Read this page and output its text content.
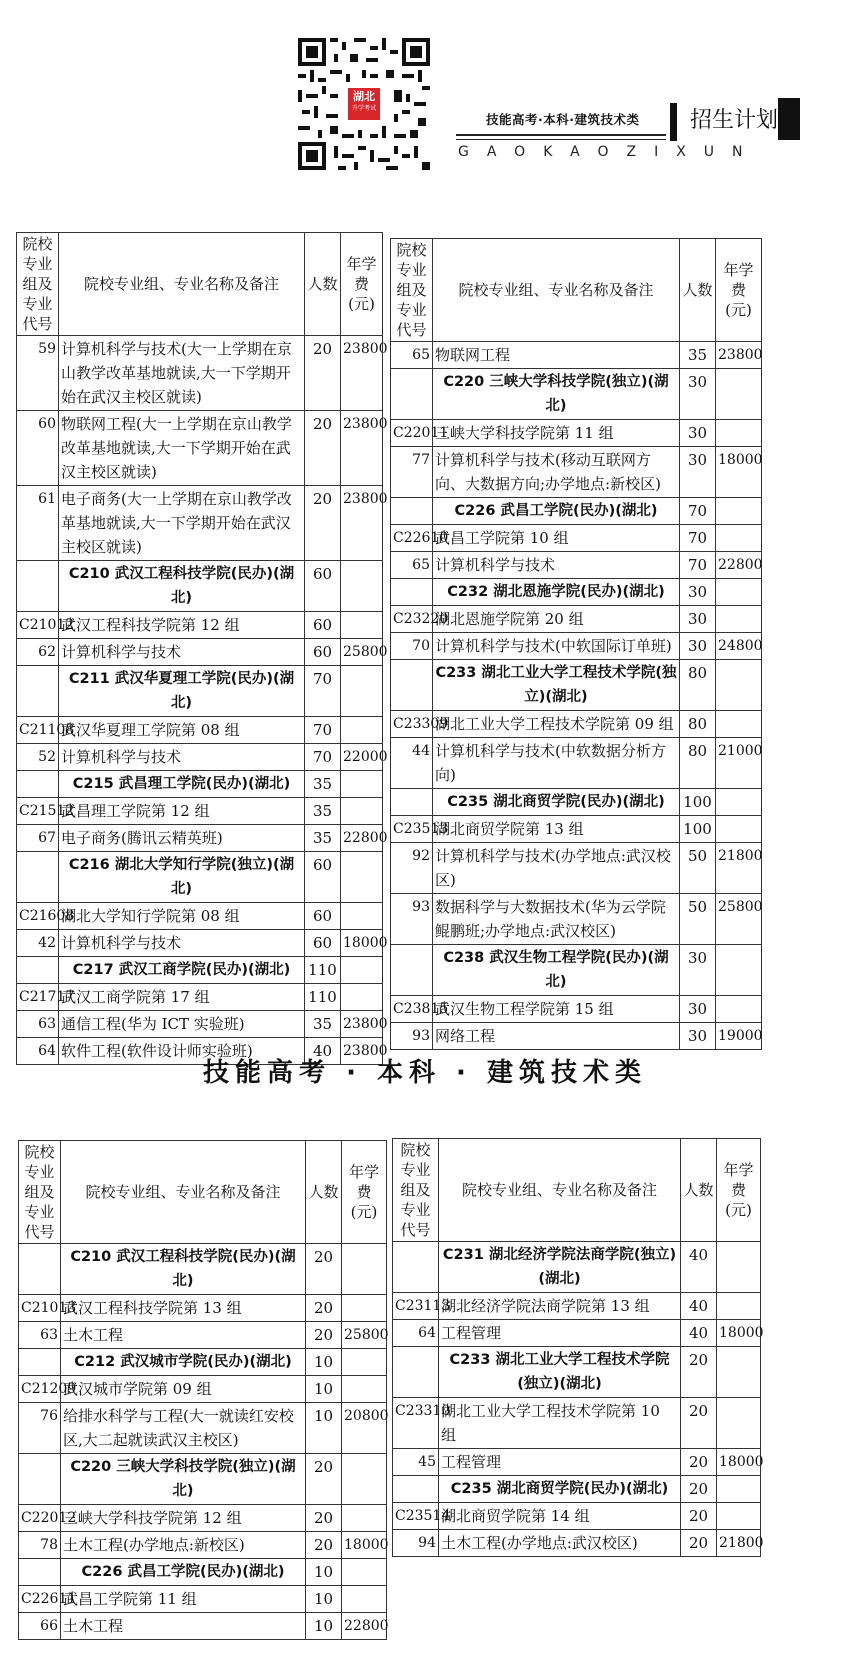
湖北
升学考试
技能高考·本科·建筑技术类	招生计划
GAOKAOZIXUN
院校专业组及专业代号	院校专业组、专业名称及备注	人数	年学费(元)
59	计算机科学与技术(大一上学期在京山教学改革基地就读,大一下学期开始在武汉主校区就读)	20	23800
60	物联网工程(大一上学期在京山教学改革基地就读,大一下学期开始在武汉主校区就读)	20	23800
61	电子商务(大一上学期在京山教学改革基地就读,大一下学期开始在武汉主校区就读)	20	23800
	C210 武汉工程科技学院(民办)(湖北)	60	
C21012	武汉工程科技学院第 12 组	60	
62	计算机科学与技术	60	25800
	C211 武汉华夏理工学院(民办)(湖北)	70	
C21108	武汉华夏理工学院第 08 组	70	
52	计算机科学与技术	70	22000
	C215 武昌理工学院(民办)(湖北)	35	
C21512	武昌理工学院第 12 组	35	
67	电子商务(腾讯云精英班)	35	22800
	C216 湖北大学知行学院(独立)(湖北)	60	
C21608	湖北大学知行学院第 08 组	60	
42	计算机科学与技术	60	18000
	C217 武汉工商学院(民办)(湖北)	110	
C21717	武汉工商学院第 17 组	110	
63	通信工程(华为 ICT 实验班)	35	23800
64	软件工程(软件设计师实验班)	40	23800
院校专业组及专业代号	院校专业组、专业名称及备注	人数	年学费(元)
65	物联网工程	35	23800
	C220 三峡大学科技学院(独立)(湖北)	30	
C22011	三峡大学科技学院第 11 组	30	
77	计算机科学与技术(移动互联网方向、大数据方向;办学地点:新校区)	30	18000
	C226 武昌工学院(民办)(湖北)	70	
C22610	武昌工学院第 10 组	70	
65	计算机科学与技术	70	22800
	C232 湖北恩施学院(民办)(湖北)	30	
C23220	湖北恩施学院第 20 组	30	
70	计算机科学与技术(中软国际订单班)	30	24800
	C233 湖北工业大学工程技术学院(独立)(湖北)	80	
C23309	湖北工业大学工程技术学院第 09 组	80	
44	计算机科学与技术(中软数据分析方向)	80	21000
	C235 湖北商贸学院(民办)(湖北)	100	
C23513	湖北商贸学院第 13 组	100	
92	计算机科学与技术(办学地点:武汉校区)	50	21800
93	数据科学与大数据技术(华为云学院鲲鹏班;办学地点:武汉校区)	50	25800
	C238 武汉生物工程学院(民办)(湖北)	30	
C23815	武汉生物工程学院第 15 组	30	
93	网络工程	30	19000
技能高考 · 本科 · 建筑技术类
院校专业组及专业代号	院校专业组、专业名称及备注	人数	年学费(元)
	C210 武汉工程科技学院(民办)(湖北)	20	
C21013	武汉工程科技学院第 13 组	20	
63	土木工程	20	25800
	C212 武汉城市学院(民办)(湖北)	10	
C21209	武汉城市学院第 09 组	10	
76	给排水科学与工程(大一就读红安校区,大二起就读武汉主校区)	10	20800
	C220 三峡大学科技学院(独立)(湖北)	20	
C22012	三峡大学科技学院第 12 组	20	
78	土木工程(办学地点:新校区)	20	18000
	C226 武昌工学院(民办)(湖北)	10	
C22611	武昌工学院第 11 组	10	
66	土木工程	10	22800
院校专业组及专业代号	院校专业组、专业名称及备注	人数	年学费(元)
	C231 湖北经济学院法商学院(独立)(湖北)	40	
C23113	湖北经济学院法商学院第 13 组	40	
64	工程管理	40	18000
	C233 湖北工业大学工程技术学院(独立)(湖北)	20	
C23310	湖北工业大学工程技术学院第 10 组	20	
45	工程管理	20	18000
	C235 湖北商贸学院(民办)(湖北)	20	
C23514	湖北商贸学院第 14 组	20	
94	土木工程(办学地点:武汉校区)	20	21800
